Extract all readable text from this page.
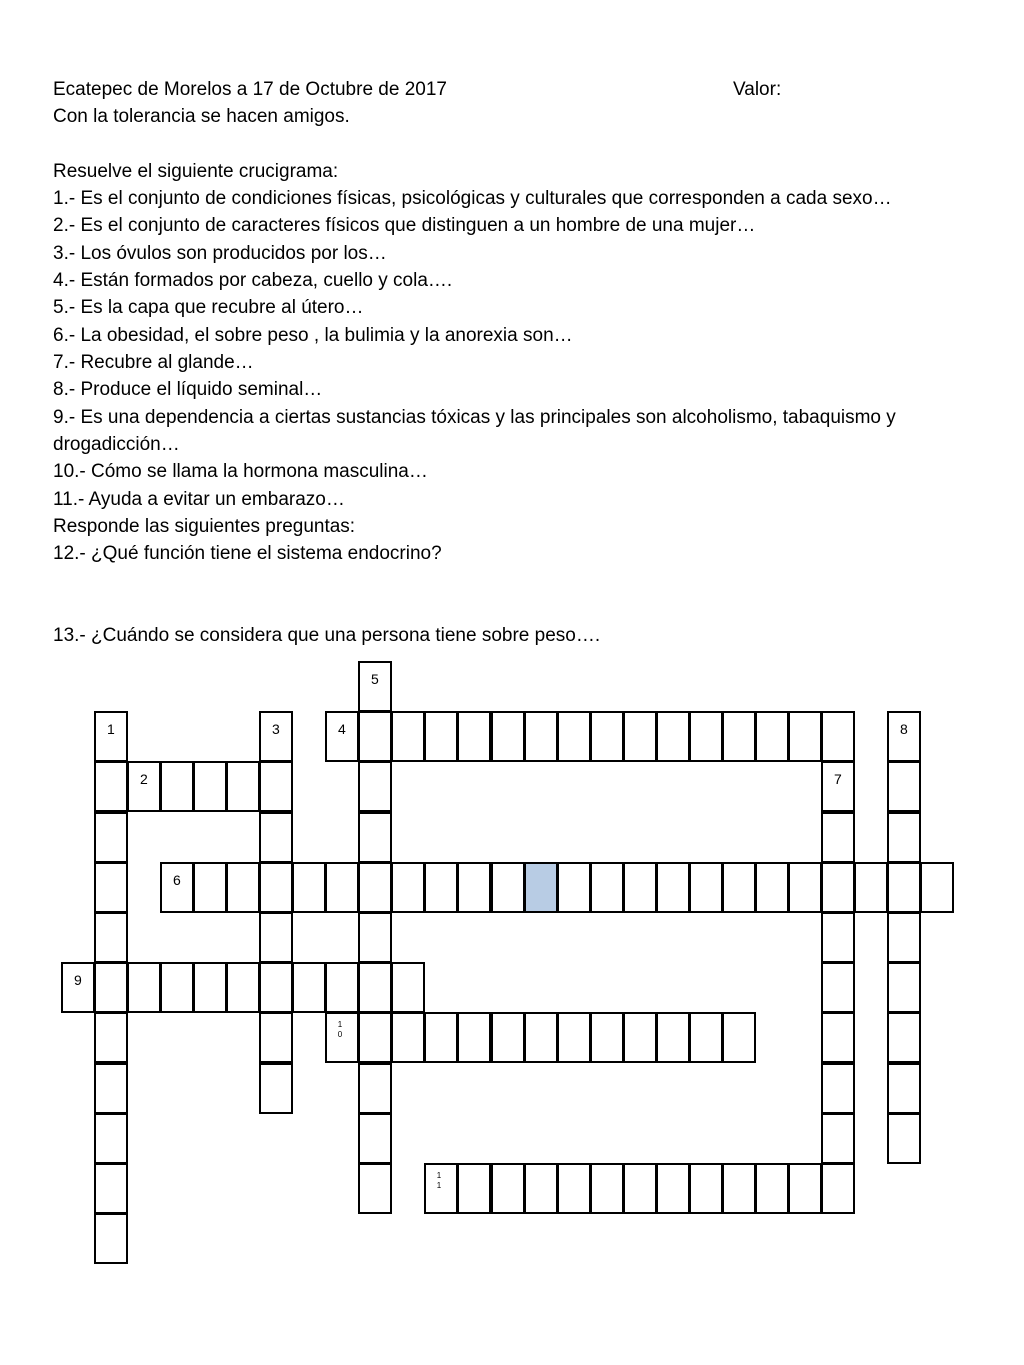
Ecatepec de Morelos a 17 de Octubre de 2017	Valor:
Con la tolerancia se hacen amigos.
Resuelve el siguiente crucigrama:
1.- Es el conjunto de condiciones físicas, psicológicas y culturales que corresponden a cada sexo…
2.- Es el conjunto de caracteres físicos que distinguen a un hombre de una mujer…
3.- Los óvulos son producidos por los…
4.- Están formados por cabeza, cuello y cola….
5.- Es la capa que recubre al útero…
6.- La obesidad, el sobre peso , la bulimia y la anorexia son…
7.- Recubre al glande…
8.- Produce el líquido seminal…
9.- Es una dependencia a ciertas sustancias tóxicas y las principales son alcoholismo, tabaquismo y
drogadicción…
10.- Cómo se llama la hormona masculina…
11.- Ayuda a evitar un embarazo…
Responde las siguientes preguntas:
12.- ¿Qué función tiene el sistema endocrino?
13.- ¿Cuándo se considera que una persona tiene sobre peso….
1
2
3	4
5
6
7
8
9
10
11
